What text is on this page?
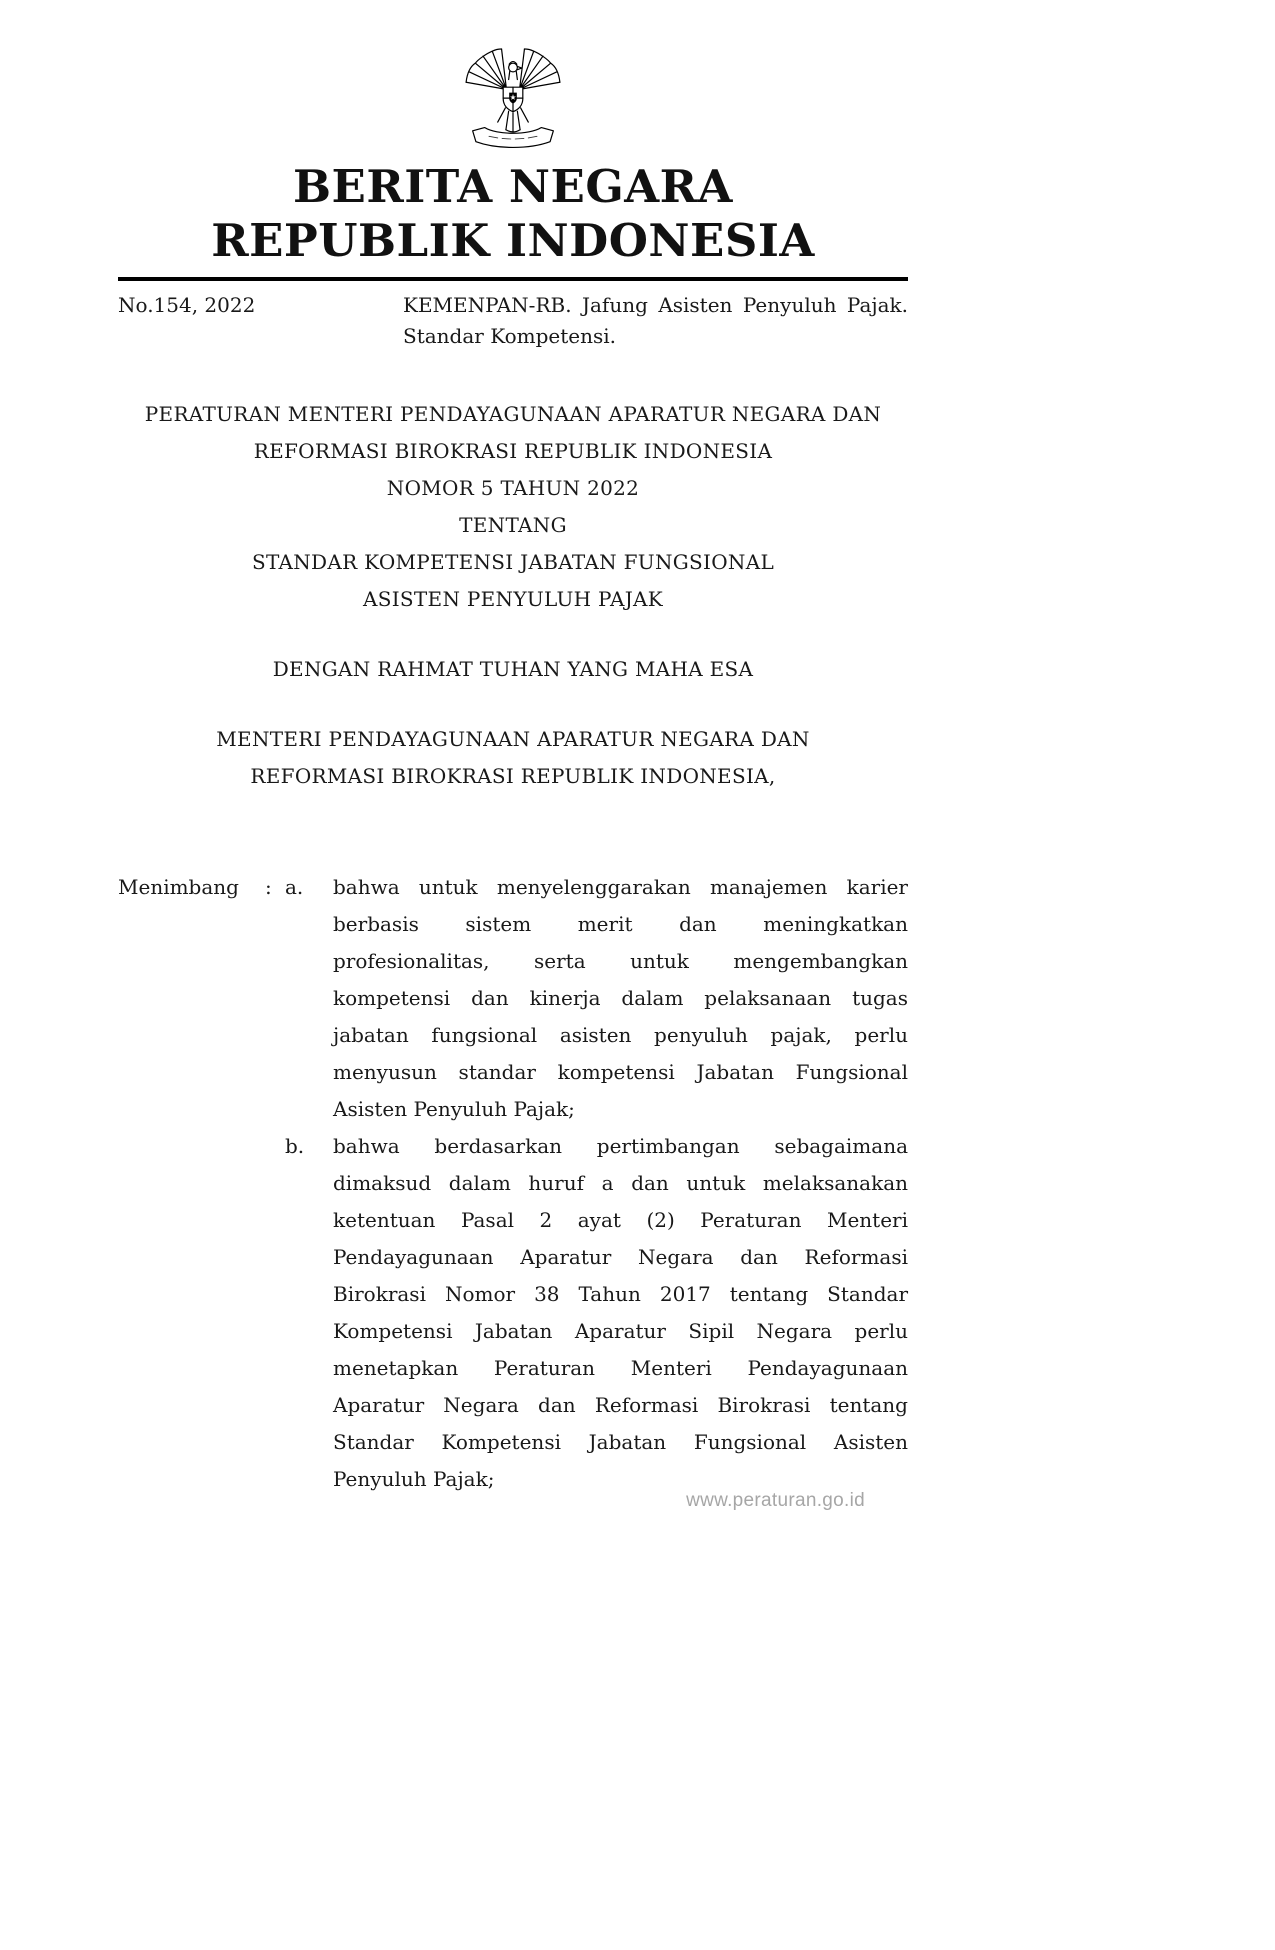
BERITA NEGARA
REPUBLIK INDONESIA
No.154, 2022	KEMENPAN-RB. Jafung Asisten Penyuluh Pajak.
Standar Kompetensi.
PERATURAN MENTERI PENDAYAGUNAAN APARATUR NEGARA DAN
REFORMASI BIROKRASI REPUBLIK INDONESIA
NOMOR 5 TAHUN 2022
TENTANG
STANDAR KOMPETENSI JABATAN FUNGSIONAL
ASISTEN PENYULUH PAJAK
DENGAN RAHMAT TUHAN YANG MAHA ESA
MENTERI PENDAYAGUNAAN APARATUR NEGARA DAN
REFORMASI BIROKRASI REPUBLIK INDONESIA,
Menimbang	: a.	bahwa untuk menyelenggarakan manajemen karier berbasis sistem merit dan meningkatkan profesionalitas, serta untuk mengembangkan kompetensi dan kinerja dalam pelaksanaan tugas jabatan fungsional asisten penyuluh pajak, perlu menyusun standar kompetensi Jabatan Fungsional Asisten Penyuluh Pajak;
b.	bahwa berdasarkan pertimbangan sebagaimana dimaksud dalam huruf a dan untuk melaksanakan ketentuan Pasal 2 ayat (2) Peraturan Menteri Pendayagunaan Aparatur Negara dan Reformasi Birokrasi Nomor 38 Tahun 2017 tentang Standar Kompetensi Jabatan Aparatur Sipil Negara perlu menetapkan Peraturan Menteri Pendayagunaan Aparatur Negara dan Reformasi Birokrasi tentang Standar Kompetensi Jabatan Fungsional Asisten Penyuluh Pajak;
www.peraturan.go.id
